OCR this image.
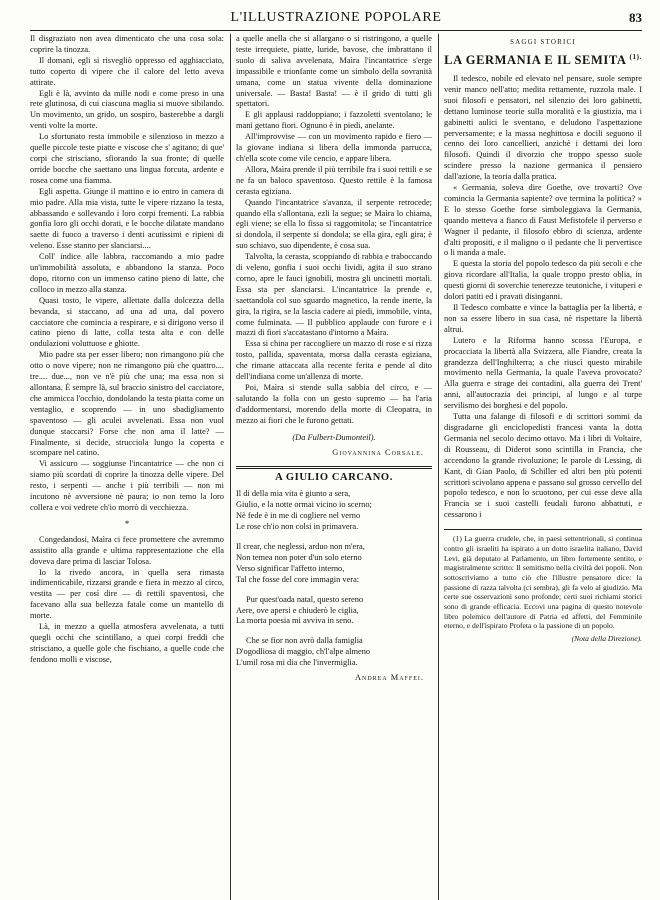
L'ILLUSTRAZIONE POPOLARE	83

Il disgraziato non avea dimenticato che una cosa sola: coprire la tinozza.

Il domani, egli si risvegliò oppresso ed agghiacciato, tutto coperto di vipere che il calore del letto aveva attirate.

Egli è là, avvinto da mille nodi e come preso in una rete glutinosa, di cui ciascuna maglia si muove sibilando. Un movimento, un grido, un sospiro, basterebbe a dargli venti volte la morte.

Lo sfortunato resta immobile e silenzioso in mezzo a quelle piccole teste piatte e viscose che s' agitano; di que' corpi che strisciano, sfiorando la sua fronte; di quelle orride bocche che saettano una lingua forcuta, ardente e rosea come una fiamma.

Egli aspetta. Giunge il mattino e io entro in camera di mio padre. Alla mia vista, tutte le vipere rizzano la testa, abbassando e sollevando i loro corpi frementi. La rabbia gonfia loro gli occhi dorati, e le bocche dilatate mandano saette di fuoco a traverso i denti acutissimi e ripieni di veleno. Esse stanno per slanciarsi....

Coll' indice alle labbra, raccomando a mio padre un'immobilità assoluta, e abbandono la stanza. Poco dopo, ritorno con un immenso catino pieno di latte, che colloco in mezzo alla stanza.

Quasi tosto, le vipere, allettate dalla dolcezza della bevanda, si staccano, ad una ad una, dal povero cacciatore che comincia a respirare, e si dirigono verso il catino pieno di latte, colla testa alta e con delle ondulazioni voluttuose e ghiotte.

Mio padre sta per esser libero; non rimangono più che otto o nove vipere; non ne rimangono più che quattro.... tre.... due..., non ve n'è più che una; ma essa non si allontana. È sempre là, sul braccio sinistro del cacciatore, che ammicca l'occhio, dondolando la testa piatta come un ventaglio, e scoprendo — in uno sbadigliamento spaventoso — gli aculei avvelenati. Essa non vuol dunque staccarsi? Forse che non ama il latte? — Finalmente, si decide, strucciola lungo la coperta e scompare nel catino.

Vi assicuro — soggiunse l'incantatrice — che non ci siamo più scordati di coprire la tinozza delle vipere. Del resto, i serpenti — anche i più terribili — non mi incutono nè avversione nè paura; io non temo la loro collera e voi vedrete ch'io morrò di vecchiezza.

*

Congedandosi, Maìra ci fece promettere che avremmo assistito alla grande e ultima rappresentazione che ella doveva dare prima di lasciar Tolosa.

Io la rivedo ancora, in quella sera rimasta indimenticabile, rizzarsi grande e fiera in mezzo al circo, vestita — per così dire — di rettili spaventosi, che facevano alla sua bellezza fatale come un mantello di morte.

Là, in mezzo a quella atmosfera avvelenata, a tutti quegli occhi che scintillano, a quei corpi freddi che strisciano, a quelle gole che fischiano, a quelle code che fendono molli e viscose,

a quelle anella che si allargano o si ristringono, a quelle teste irrequiete, piatte, luride, bavose, che imbrattano il suolo di saliva avvelenata, Maìra l'incantatrice s'erge impassibile e trionfante come un simbolo della sovranità umana, come un statua vivente della dominazione universale. — Basta! Basta! — è il grido di tutti gli spettatori.

E gli applausi raddoppiano; i fazzoletti sventolano; le mani gettano fiori. Ognuno è in piedi, anelante.

All'improvvise — con un movimento rapido e fiero — la giovane indiana si libera della immonda parrucca, ch'ella scote come vile cencio, e appare libera.

Allora, Maìra prende il più terribile fra i suoi rettili e se ne fa un baloco spaventoso. Questo rettile è la famosa cerasta egiziana.

Quando l'incantatrice s'avanza, il serpente retrocede; quando ella s'allontana, ezli la segue; se Maìra lo chiama, egli viene; se ella lo fissa si raggomitola; se l'incantatrice si dondola, il serpente si dondola; se ella gira, egli gira; è suo schiavo, suo dipendente, è cosa sua.

Talvolta, la cerasta, scoppiando di rabbia e traboccando di veleno, gonfia i suoi occhi lividi, agita il suo strano corno, apre le fauci ignobili, mostra gli uncinetti mortali. Essa sta per slanciarsi. L'incantatrice la prende e, saettandola col suo sguardo magnetico, la rende inerte, la gira, la rigira, se la lascia cadere ai piedi, immobile, vinta, come fulminata. — Il pubblico applaude con furore e i mazzi di fiori s'accatastano d'intorno a Maìra.

Essa si china per raccogliere un mazzo di rose e si rizza tosto, pallida, spaventata, morsa dalla cerasta egiziana, che rimane attaccata alla recente ferita e pende al dito dell'indiana come un'allenza di morte.

Poi, Maìra si stende sulla sabbia del circo, e — salutando la folla con un gesto supremo — ha l'aria d'addormentarsi, morendo della morte di Cleopatra, in mezzo ai fiori che le furono gettati.

(Da Fulbert-Dumonteil).
Giovannina Corsale.
A GIULIO CARCANO.

Il di della mia vita è giunto a sera,

Giulio, e la notte ormai vicino io scerno;

Nè fede è in me di cogliere nel verno

Le rose ch'io non colsi in primavera.

Il crear, che neglessi, arduo non m'era,

Non temea non poter d'un solo eterno

Verso significar l'affetto interno,

Tal che fosse del core immagin vera:

Pur quest'oada natal, questo sereno

Aere, ove apersi e chiuderò le ciglia,

La morta poesia mi avviva in seno.

Che se fior non avrò dalla famiglia

D'ogodliosa di maggio, ch'l'alpe almeno

L'umil rosa mi dia che l'invermiglia.

Andrea Maffei.
SAGGI STORICI
LA GERMANIA E IL SEMITA $^{(1).}$

Il tedesco, nobile ed elevato nel pensare, suole sempre venir manco nell'atto; medita rettamente, ruzzola male. I suoi filosofi e pensatori, nel silenzio dei loro gabinetti, dettano luminose teorie sulla moralità e la giustizia, ma i gabinetti aulici le sventano, e deludono l'aspettazione perversamente; e la massa neghittosa e docili seguono il cenno dei loro cancellieri, anzichè i dettami dei loro filosofi. Quindi il divorzio che troppo spesso suole scindere presso la nazione germanica il pensiero dall'azione, la teoria dalla pratica.

« Germania, soleva dire Goethe, ove trovarti? Ove comincia la Germania sapiente? ove termina la politica? » E lo stesso Goethe forse simboleggiava la Germania, quando metteva a fianco di Faust Mefistofele il perverso e Wagner il pedante, il filosofo ebbro di scienza, ardente d'alti propositi, e il maligno o il pedante che li pervertisce o li manda a male.

E questa la storia del popolo tedesco da più secoli e che giova ricordare all'Italia, la quale troppo presto oblia, in questi giorni di soverchie tenerezze teutoniche, i vituperi e dolori patiti ed i pravati disinganni.

Il Tedesco combatte e vince la battaglia per la libertà, e non sa essere libero in sua casa, nè rispettare la libertà altrui.

Lutero e la Riforma hanno scossa l'Europa, e procacciata la libertà alla Svizzera, alle Fiandre, creata la grandezza dell'Inghilterra; a che riuscì questo mirabile movimento nella Germania, la quale l'aveva provocato? Alla guerra e strage dei contadini, alla guerra dei Trent' anni, all'autocrazia dei principi, al lungo e al turpe servilismo dei borghesi e del popolo.

Tutta una falange di filosofi e di scrittori sommi da disgradarne gli enciclopedisti francesi vanta la dotta Germania nel secolo decimo ottavo. Ma i libri di Voltaire, di Rousseau, di Diderot sono scintilla in Francia, che accendono la grande rivoluzione; le parole di Lessing, di Kant, di Gian Paolo, di Schiller ed altri ben più potenti scrittori scivolano appena e passano sul grosso cervello del popolo tedesco, e non lo scuotono, per cui esse deve alla Francia se i suoi castelli feudali furono abbattuti, e cessarono i

(1) La guerra crudele, che, in paesi settentrionali, si continua contro gli israeliti ha ispirato a un dotto israelita italiano, David Levi, già deputato al Parlamento, un libro fortemente sentito, e magistralmente scritto: Il semitismo nella civiltà dei popoli. Non sottoscriviamo a tutto ciò che l'illustre pensatore dice: la passione di razza talvolta (ci sembra), gli fa velo al giudizio. Ma certe sue osservazioni sono profonde; certi suoi richiami storici sono di grande efficacia. Eccovi una pagina di questo notevole libro polemico dell'autore di Patria ed affetti, del Femminile eterno, e dell'ispirato Profeta o la passione di un popolo.

(Nota della Direzione).
